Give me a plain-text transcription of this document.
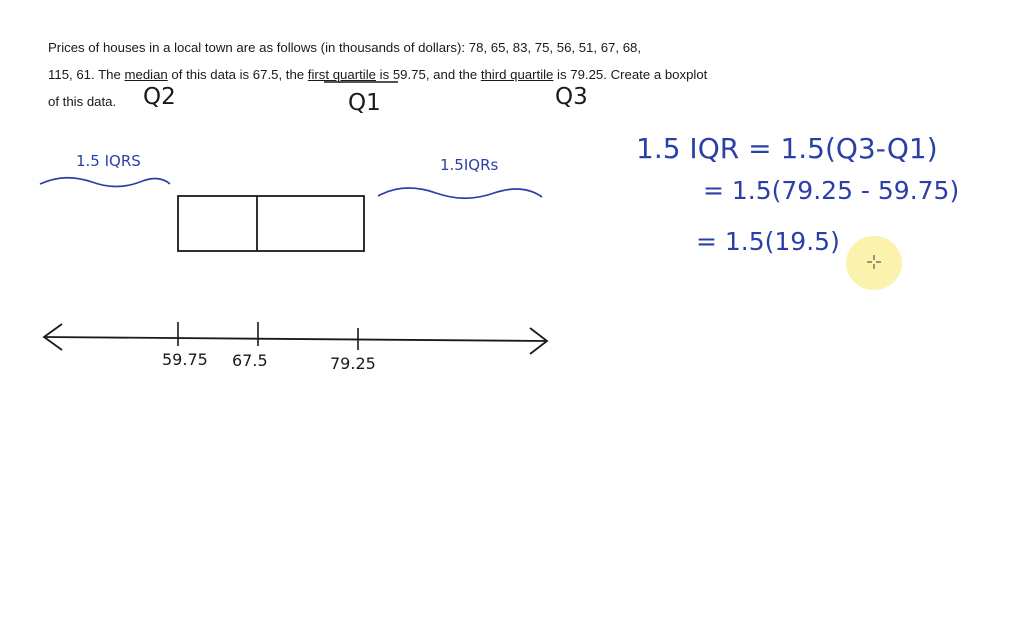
Prices of houses in a local town are as follows (in thousands of dollars): 78, 65, 83, 75, 56, 51, 67, 68,
115, 61. The median of this data is 67.5, the first quartile is 59.75, and the third quartile is 79.25. Create a boxplot
of this data.	Q2	Q1	Q3
1.5 IQRS	1.5IQRs
59.75 67.5	79.25
1.5 IQR = 1.5(Q3-Q1)
= 1.5(79.25 - 59.75)
= 1.5(19.5)
